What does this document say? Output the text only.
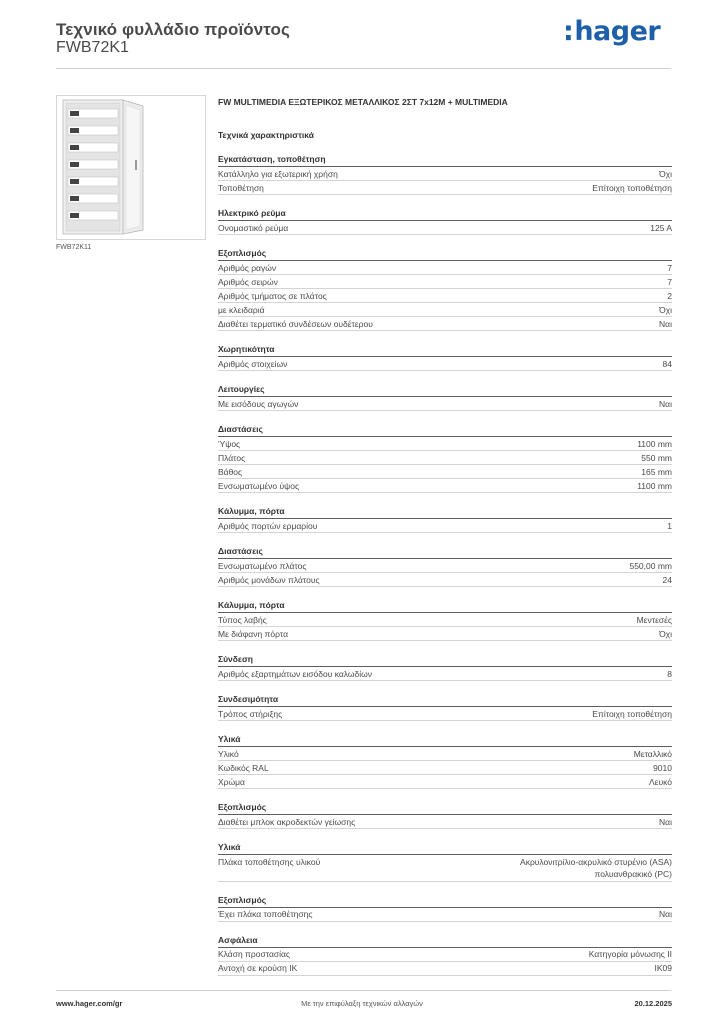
Τεχνικό φυλλάδιο προϊόντος
FWB72K1
:hager
FWB72K11
FW MULTIMEDIA ΕΞΩΤΕΡΙΚΟΣ ΜΕΤΑΛΛΙΚΟΣ 2ΣΤ 7x12M + MULTIMEDIA
Τεχνικά χαρακτηριστικά
Εγκατάσταση, τοποθέτηση
Κατάλληλο για εξωτερική χρήση	Όχι
Τοποθέτηση	Επίτοιχη τοποθέτηση
Ηλεκτρικό ρεύμα
Ονομαστικό ρεύμα	125 A
Εξοπλισμός
Αριθμός ραγών	7
Αριθμός σειρών	7
Αριθμός τμήματος σε πλάτος	2
με κλειδαριά	Όχι
Διαθέτει τερματικό συνδέσεων ουδέτερου	Ναι
Χωρητικότητα
Αριθμός στοιχείων	84
Λειτουργίες
Με εισόδους αγωγών	Ναι
Διαστάσεις
Ύψος	1100 mm
Πλάτος	550 mm
Βάθος	165 mm
Ενσωματωμένο ύψος	1100 mm
Κάλυμμα, πόρτα
Αριθμός πορτών ερμαρίου	1
Διαστάσεις
Ενσωματωμένο πλάτος	550,00 mm
Αριθμός μονάδων πλάτους	24
Κάλυμμα, πόρτα
Τύπος λαβής	Μεντεσές
Με διάφανη πόρτα	Όχι
Σύνδεση
Αριθμός εξαρτημάτων εισόδου καλωδίων	8
Συνδεσιμότητα
Τρόπος στήριξης	Επίτοιχη τοποθέτηση
Υλικά
Υλικό	Μεταλλικό
Κωδικός RAL	9010
Χρώμα	Λευκό
Εξοπλισμός
Διαθέτει μπλοκ ακροδεκτών γείωσης	Ναι
Υλικά
Πλάκα τοποθέτησης υλικού	Ακρυλονιτρίλιο-ακρυλικό στυρένιο (ASA)
πολυανθρακικό (PC)
Εξοπλισμός
Έχει πλάκα τοποθέτησης	Ναι
Ασφάλεια
Κλάση προστασίας	Κατηγορία μόνωσης II
Αντοχή σε κρούση IK	IK09
Με την επιφύλαξη τεχνικών αλλαγών
www.hager.com/gr	20.12.2025
